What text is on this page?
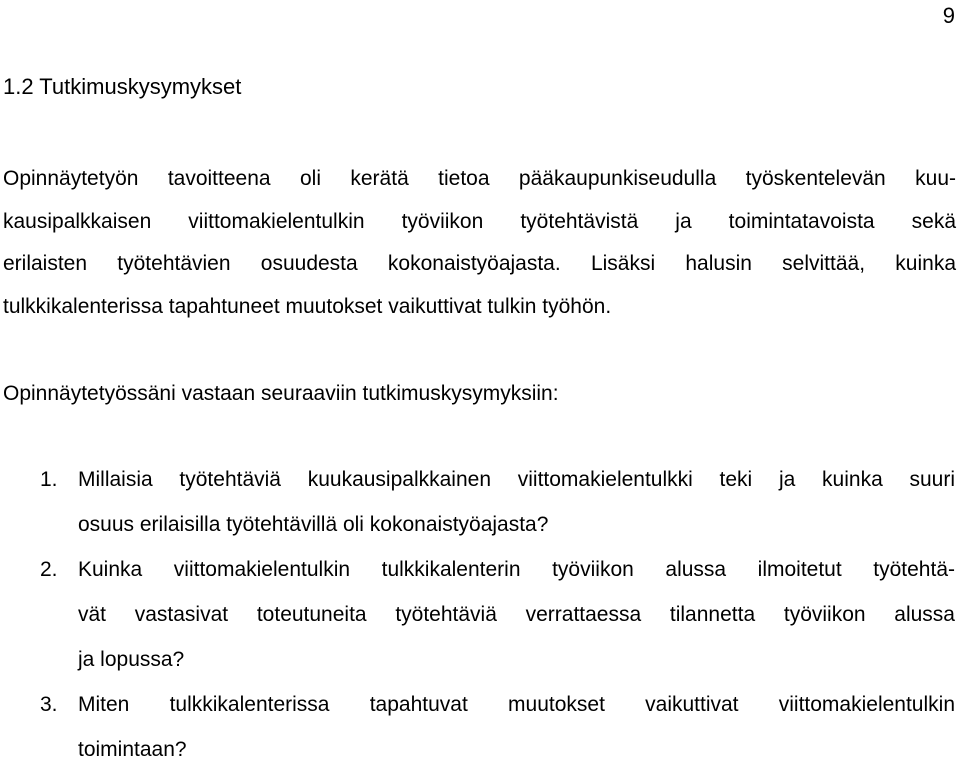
9
1.2 Tutkimuskysymykset

Opinnäytetyön tavoitteena oli kerätä tietoa pääkaupunkiseudulla työskentelevän kuu-
kausipalkkaisen viittomakielentulkin työviikon työtehtävistä ja toimintatavoista sekä
erilaisten työtehtävien osuudesta kokonaistyöajasta. Lisäksi halusin selvittää, kuinka
tulkkikalenterissa tapahtuneet muutokset vaikuttivat tulkin työhön.

Opinnäytetyössäni vastaan seuraaviin tutkimuskysymyksiin:

1. Millaisia työtehtäviä kuukausipalkkainen viittomakielentulkki teki ja kuinka suuri
osuus erilaisilla työtehtävillä oli kokonaistyöajasta?
2. Kuinka viittomakielentulkin tulkkikalenterin työviikon alussa ilmoitetut työtehtä-
vät vastasivat toteutuneita työtehtäviä verrattaessa tilannetta työviikon alussa
ja lopussa?
3. Miten tulkkikalenterissa tapahtuvat muutokset vaikuttivat viittomakielentulkin
toimintaan?
